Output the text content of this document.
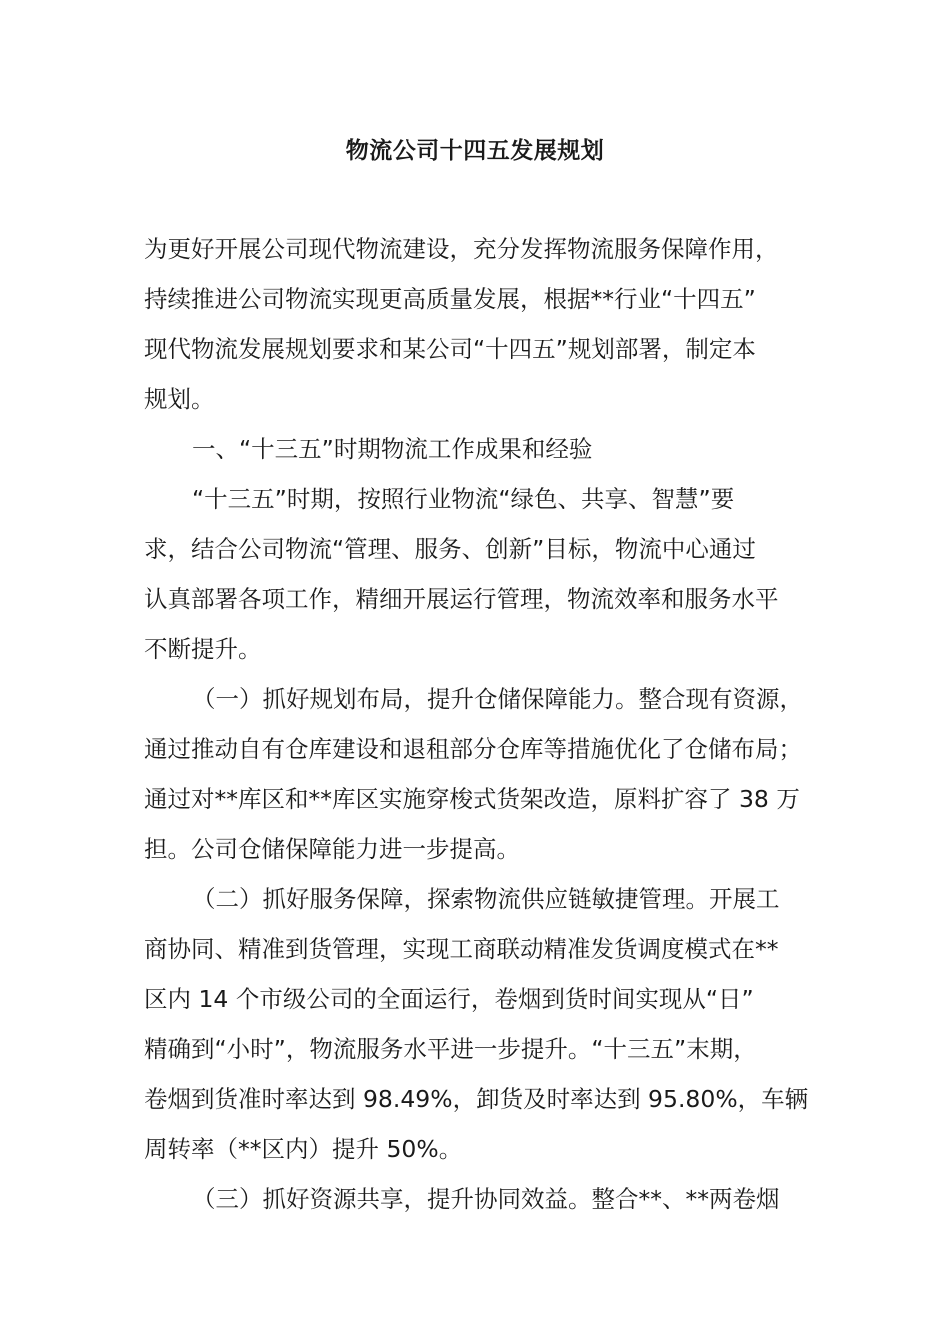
物流公司十四五发展规划

为更好开展公司现代物流建设，充分发挥物流服务保障作用，

持续推进公司物流实现更高质量发展，根据**行业“十四五”

现代物流发展规划要求和某公司“十四五”规划部署，制定本

规划。

一、“十三五”时期物流工作成果和经验

“十三五”时期，按照行业物流“绿色、共享、智慧”要

求，结合公司物流“管理、服务、创新”目标，物流中心通过

认真部署各项工作，精细开展运行管理，物流效率和服务水平

不断提升。

（一）抓好规划布局，提升仓储保障能力。整合现有资源，

通过推动自有仓库建设和退租部分仓库等措施优化了仓储布局；

通过对**库区和**库区实施穿梭式货架改造，原料扩容了 38 万

担。公司仓储保障能力进一步提高。

（二）抓好服务保障，探索物流供应链敏捷管理。开展工

商协同、精准到货管理，实现工商联动精准发货调度模式在**

区内 14 个市级公司的全面运行，卷烟到货时间实现从“日”

精确到“小时”，物流服务水平进一步提升。“十三五”末期，

卷烟到货准时率达到 98.49%，卸货及时率达到 95.80%，车辆

周转率（**区内）提升 50%。

（三）抓好资源共享，提升协同效益。整合**、**两卷烟
